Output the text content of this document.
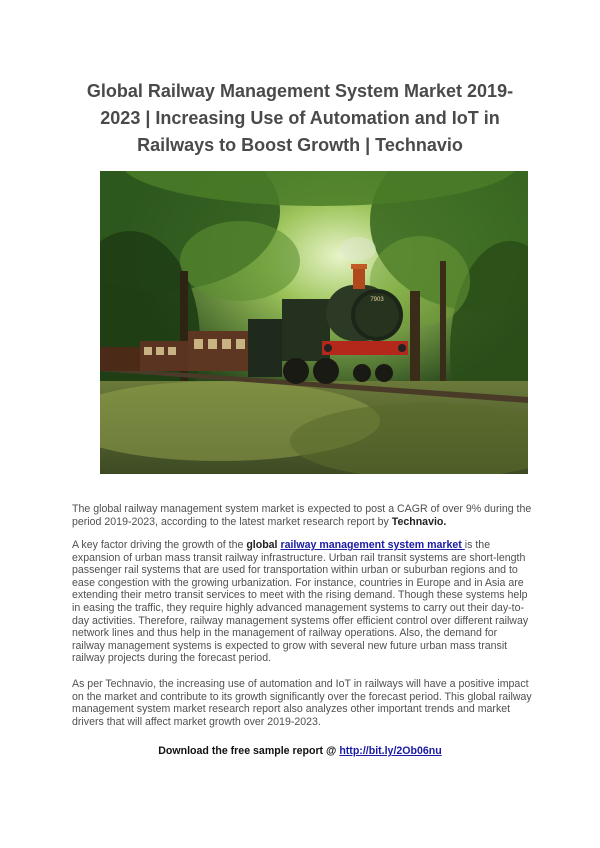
Global Railway Management System Market 2019-2023 | Increasing Use of Automation and IoT in Railways to Boost Growth | Technavio
7903

The global railway management system market is expected to post a CAGR of over 9% during the period 2019-2023, according to the latest market research report by Technavio.

A key factor driving the growth of the global railway management system market is the expansion of urban mass transit railway infrastructure. Urban rail transit systems are short-length passenger rail systems that are used for transportation within urban or suburban regions and to ease congestion with the growing urbanization. For instance, countries in Europe and in Asia are extending their metro transit services to meet with the rising demand. Though these systems help in easing the traffic, they require highly advanced management systems to carry out their day-to-day activities. Therefore, railway management systems offer efficient control over different railway network lines and thus help in the management of railway operations. Also, the demand for railway management systems is expected to grow with several new future urban mass transit railway projects during the forecast period.

As per Technavio, the increasing use of automation and IoT in railways will have a positive impact on the market and contribute to its growth significantly over the forecast period. This global railway management system market research report also analyzes other important trends and market drivers that will affect market growth over 2019-2023.

Download the free sample report @ http://bit.ly/2Ob06nu
